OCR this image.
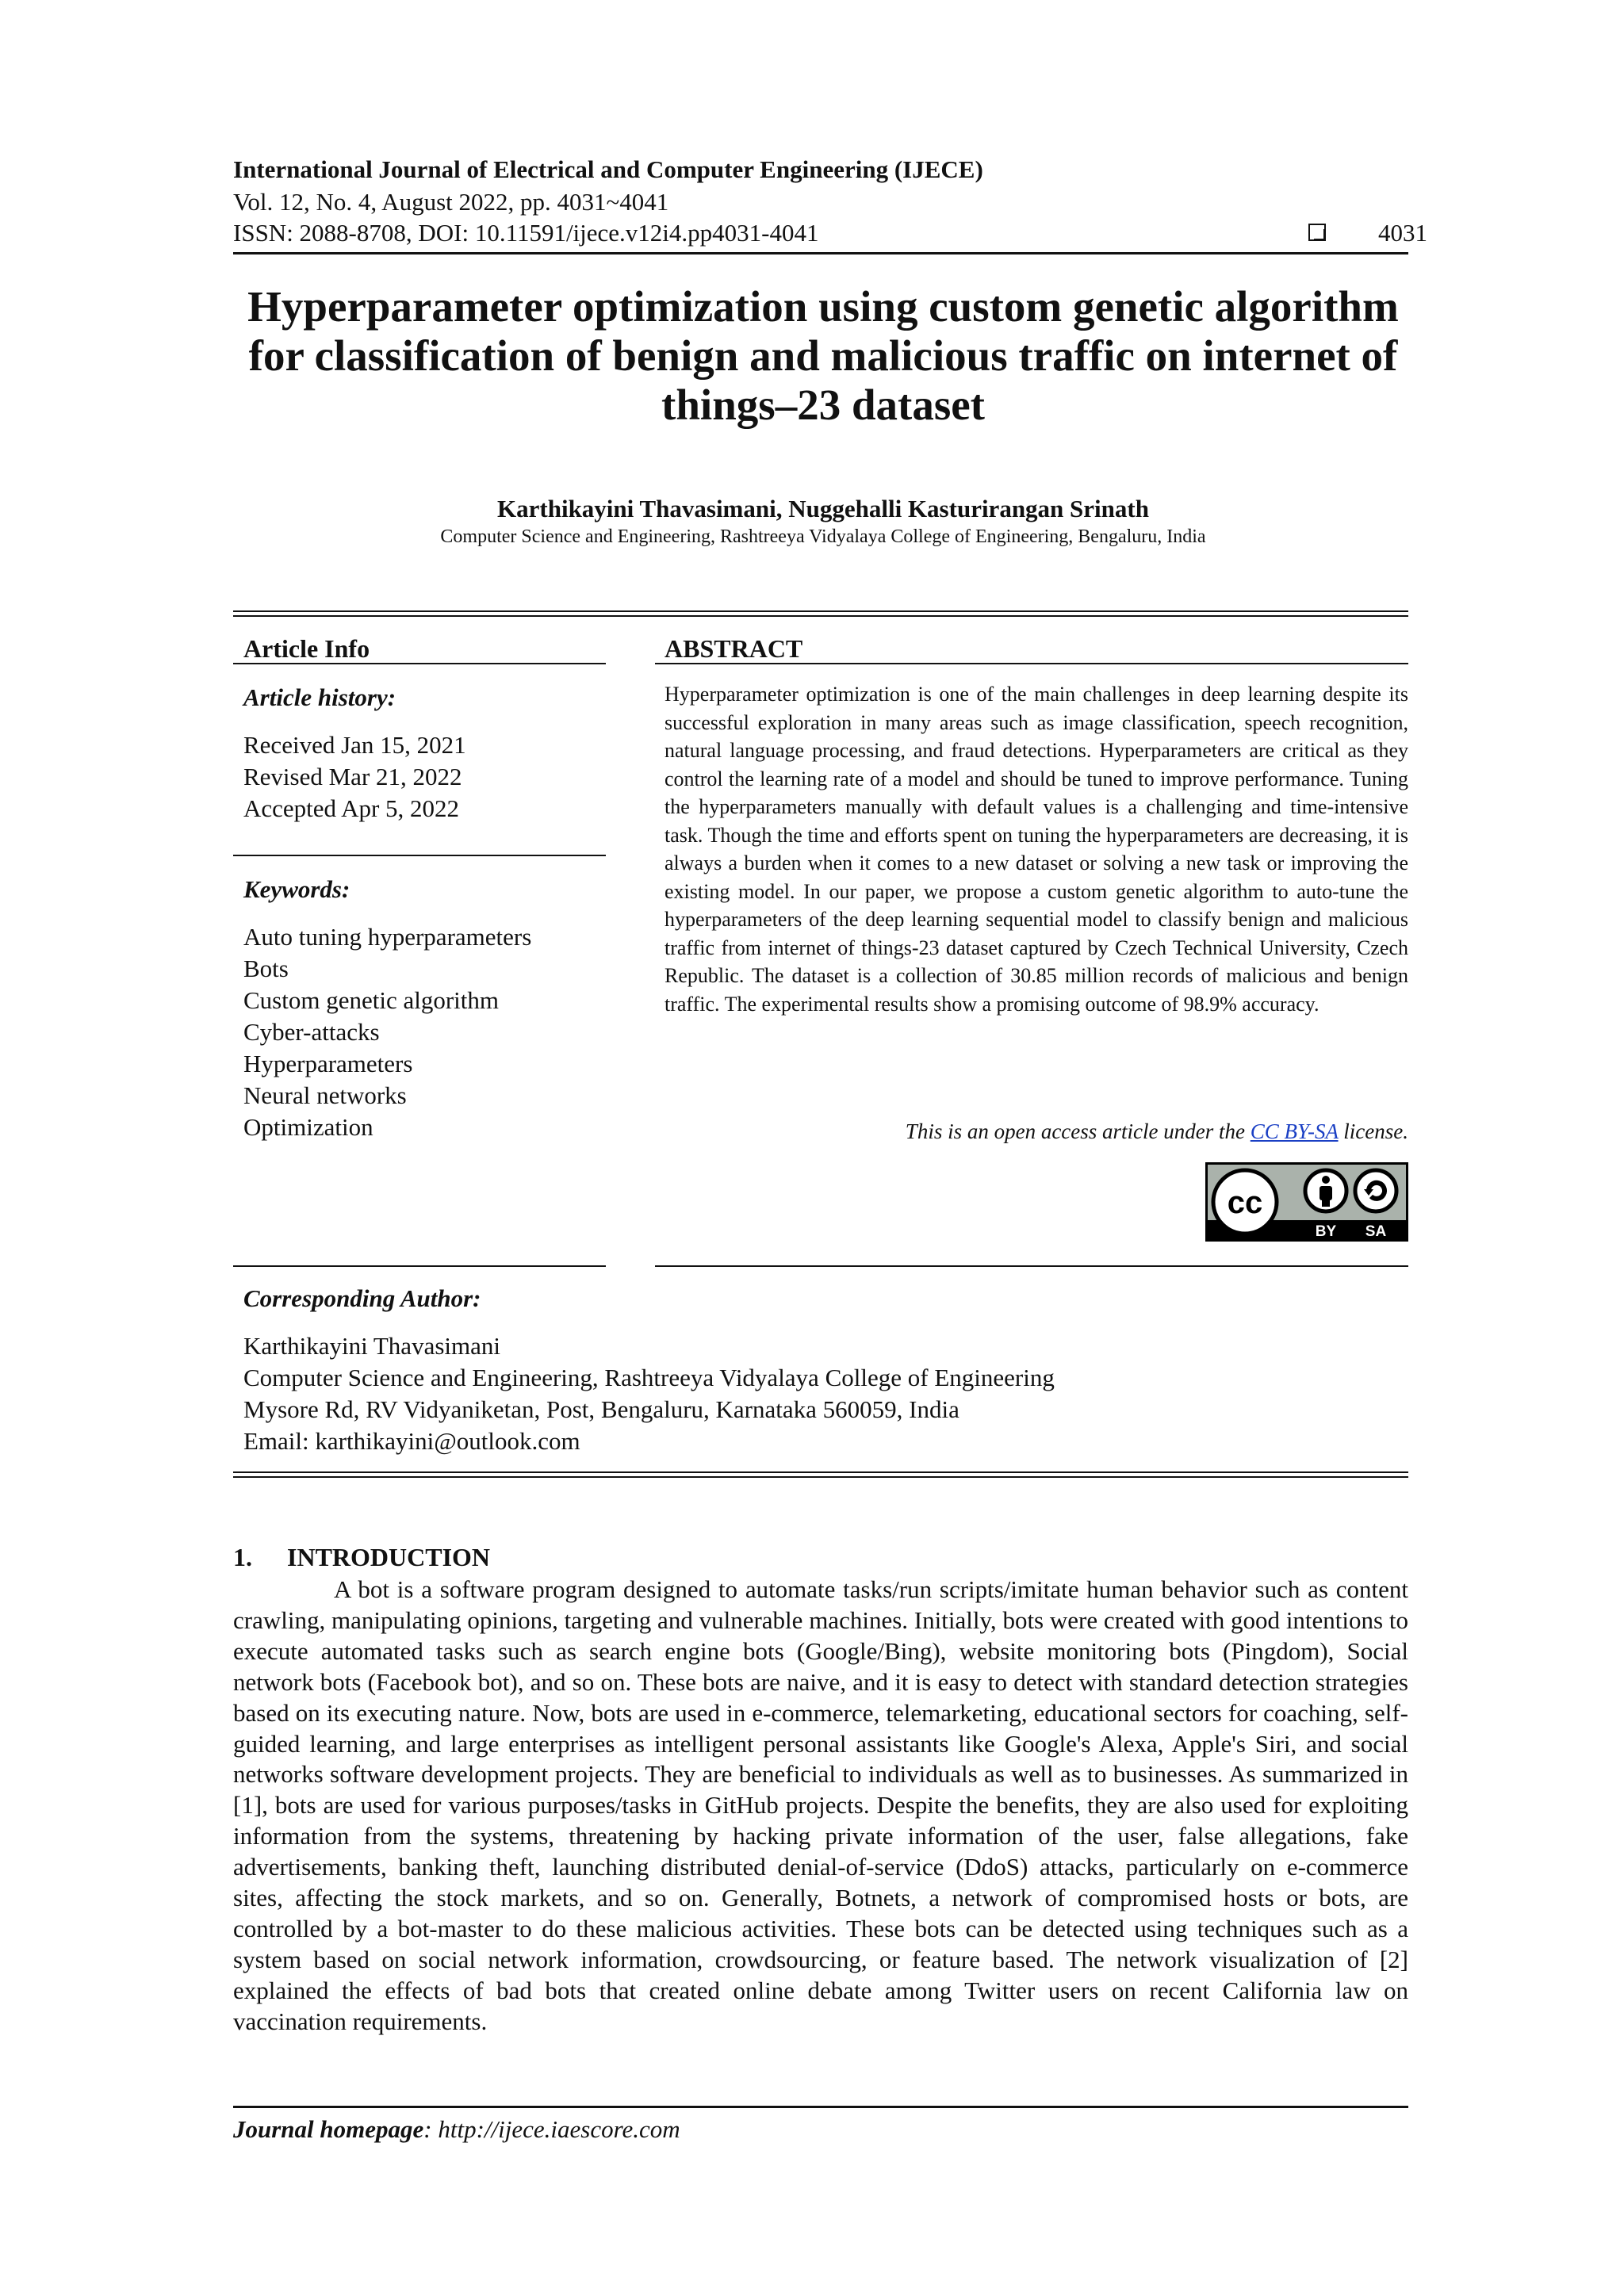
International Journal of Electrical and Computer Engineering (IJECE)
Vol. 12, No. 4, August 2022, pp. 4031~4041
ISSN: 2088-8708, DOI: 10.11591/ijece.v12i4.pp4031-4041	4031
Hyperparameter optimization using custom genetic algorithm
for classification of benign and malicious traffic on internet of
things–23 dataset
Karthikayini Thavasimani, Nuggehalli Kasturirangan Srinath
Computer Science and Engineering, Rashtreeya Vidyalaya College of Engineering, Bengaluru, India
Article Info
Article history:
Received Jan 15, 2021
Revised Mar 21, 2022
Accepted Apr 5, 2022
Keywords:
Auto tuning hyperparameters
Bots
Custom genetic algorithm
Cyber-attacks
Hyperparameters
Neural networks
Optimization
ABSTRACT
Hyperparameter optimization is one of the main challenges in deep learning despite its successful exploration in many areas such as image classification, speech recognition, natural language processing, and fraud detections. Hyperparameters are critical as they control the learning rate of a model and should be tuned to improve performance. Tuning the hyperparameters manually with default values is a challenging and time-intensive task. Though the time and efforts spent on tuning the hyperparameters are decreasing, it is always a burden when it comes to a new dataset or solving a new task or improving the existing model. In our paper, we propose a custom genetic algorithm to auto-tune the hyperparameters of the deep learning sequential model to classify benign and malicious traffic from internet of things-23 dataset captured by Czech Technical University, Czech Republic. The dataset is a collection of 30.85 million records of malicious and benign traffic. The experimental results show a promising outcome of 98.9% accuracy.
This is an open access article under the CC BY-SA license.
cc
BY SA
Corresponding Author:
Karthikayini Thavasimani
Computer Science and Engineering, Rashtreeya Vidyalaya College of Engineering
Mysore Rd, RV Vidyaniketan, Post, Bengaluru, Karnataka 560059, India
Email: karthikayini@outlook.com
1. INTRODUCTION

A bot is a software program designed to automate tasks/run scripts/imitate human behavior such as content crawling, manipulating opinions, targeting and vulnerable machines. Initially, bots were created with good intentions to execute automated tasks such as search engine bots (Google/Bing), website monitoring bots (Pingdom), Social network bots (Facebook bot), and so on. These bots are naive, and it is easy to detect with standard detection strategies based on its executing nature. Now, bots are used in e-commerce, telemarketing, educational sectors for coaching, self-guided learning, and large enterprises as intelligent personal assistants like Google's Alexa, Apple's Siri, and social networks software development projects. They are beneficial to individuals as well as to businesses. As summarized in [1], bots are used for various purposes/tasks in GitHub projects. Despite the benefits, they are also used for exploiting information from the systems, threatening by hacking private information of the user, false allegations, fake advertisements, banking theft, launching distributed denial-of-service (DdoS) attacks, particularly on e-commerce sites, affecting the stock markets, and so on. Generally, Botnets, a network of compromised hosts or bots, are controlled by a bot-master to do these malicious activities. These bots can be detected using techniques such as a system based on social network information, crowdsourcing, or feature based. The network visualization of [2] explained the effects of bad bots that created online debate among Twitter users on recent California law on vaccination requirements.

Journal homepage: http://ijece.iaescore.com
